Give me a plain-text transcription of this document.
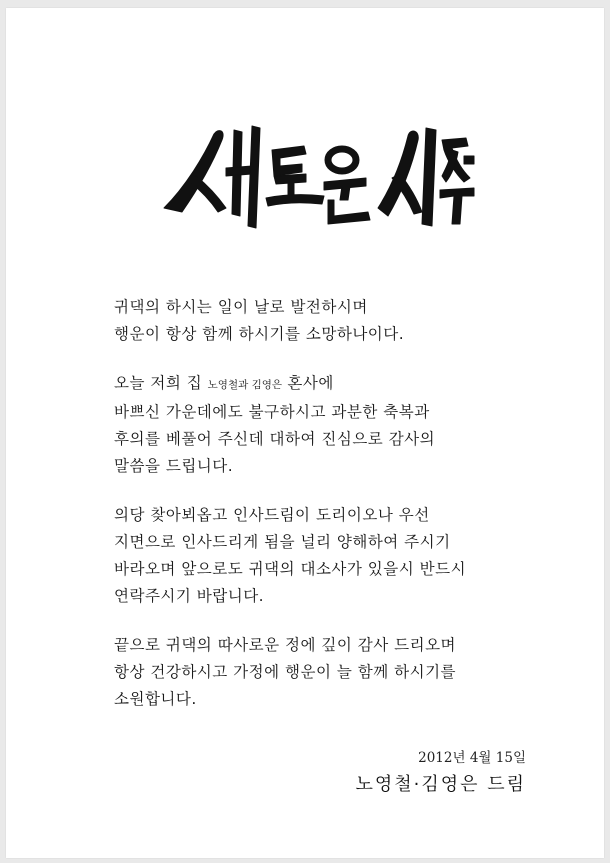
귀댁의 하시는 일이 날로 발전하시며
행운이 항상 함께 하시기를 소망하나이다.

오늘 저희 집 노영철과 김영은 혼사에
바쁘신 가운데에도 불구하시고 과분한 축복과
후의를 베풀어 주신데 대하여 진심으로 감사의
말씀을 드립니다.

의당 찾아뵈옵고 인사드림이 도리이오나 우선
지면으로 인사드리게 됨을 널리 양해하여 주시기
바라오며 앞으로도 귀댁의 대소사가 있을시 반드시
연락주시기 바랍니다.

끝으로 귀댁의 따사로운 정에 깊이 감사 드리오며
항상 건강하시고 가정에 행운이 늘 함께 하시기를
소원합니다.

2012년 4월 15일
노영철·김영은 드림
